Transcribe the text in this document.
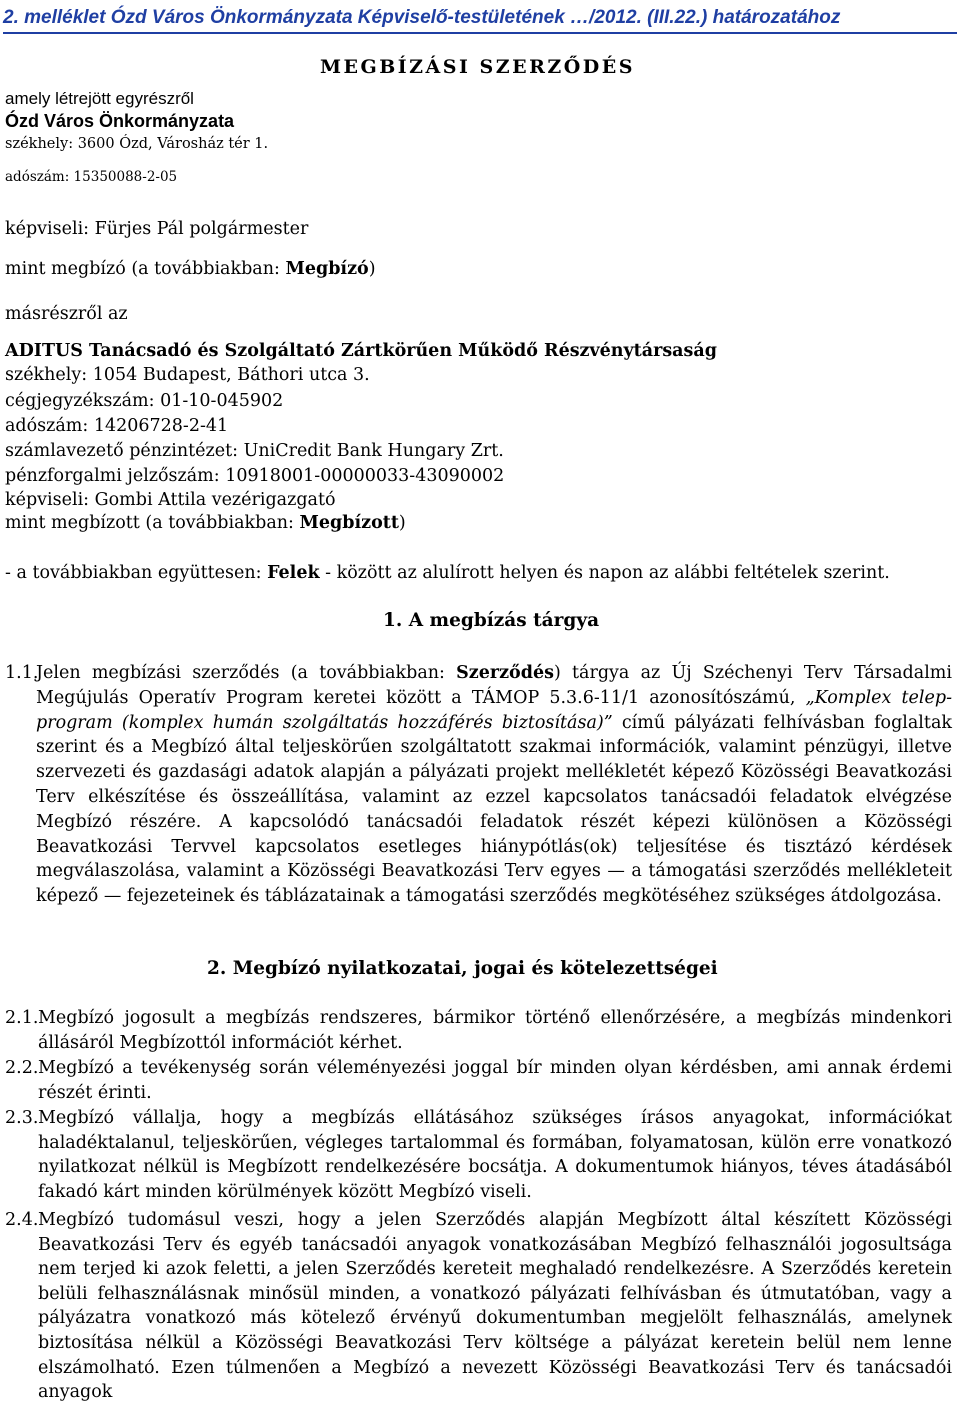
2. melléklet Ózd Város Önkormányzata Képviselő-testületének …/2012. (III.22.) határozatához
MEGBÍZÁSI SZERZŐDÉS
amely létrejött egyrészről
Ózd Város Önkormányzata
székhely: 3600 Ózd, Városház tér 1.
adószám: 15350088-2-05
képviseli: Fürjes Pál polgármester
mint megbízó (a továbbiakban: Megbízó)
másrészről az
ADITUS Tanácsadó és Szolgáltató Zártkörűen Működő Részvénytársaság
székhely: 1054 Budapest, Báthori utca 3.
cégjegyzékszám: 01-10-045902
adószám: 14206728-2-41
számlavezető pénzintézet: UniCredit Bank Hungary Zrt.
pénzforgalmi jelzőszám: 10918001-00000033-43090002
képviseli: Gombi Attila vezérigazgató
mint megbízott (a továbbiakban: Megbízott)
- a továbbiakban együttesen: Felek - között az alulírott helyen és napon az alábbi feltételek szerint.
1. A megbízás tárgya
1.1.
Jelen megbízási szerződés (a továbbiakban: Szerződés) tárgya az Új Széchenyi Terv Társadalmi Megújulás Operatív Program keretei között a TÁMOP 5.3.6-11/1 azonosítószámú, „Komplex telep- program (komplex humán szolgáltatás hozzáférés biztosítása)” című pályázati felhívásban foglaltak szerint és a Megbízó által teljeskörűen szolgáltatott szakmai információk, valamint pénzügyi, illetve szervezeti és gazdasági adatok alapján a pályázati projekt mellékletét képező Közösségi Beavatkozási Terv elkészítése és összeállítása, valamint az ezzel kapcsolatos tanácsadói feladatok elvégzése Megbízó részére. A kapcsolódó tanácsadói feladatok részét képezi különösen a Közösségi Beavatkozási Tervvel kapcsolatos esetleges hiánypótlás(ok) teljesítése és tisztázó kérdések megválaszolása, valamint a Közösségi Beavatkozási Terv egyes — a támogatási szerződés mellékleteit képező — fejezeteinek és táblázatainak a támogatási szerződés megkötéséhez szükséges átdolgozása.
2. Megbízó nyilatkozatai, jogai és kötelezettségei
2.1. Megbízó jogosult a megbízás rendszeres, bármikor történő ellenőrzésére, a megbízás mindenkori állásáról Megbízottól információt kérhet.
2.2. Megbízó a tevékenység során véleményezési joggal bír minden olyan kérdésben, ami annak érdemi részét érinti.
2.3. Megbízó vállalja, hogy a megbízás ellátásához szükséges írásos anyagokat, információkat haladéktalanul, teljeskörűen, végleges tartalommal és formában, folyamatosan, külön erre vonatkozó nyilatkozat nélkül is Megbízott rendelkezésére bocsátja. A dokumentumok hiányos, téves átadásából fakadó kárt minden körülmények között Megbízó viseli.
2.4. Megbízó tudomásul veszi, hogy a jelen Szerződés alapján Megbízott által készített Közösségi Beavatkozási Terv és egyéb tanácsadói anyagok vonatkozásában Megbízó felhasználói jogosultsága nem terjed ki azok feletti, a jelen Szerződés kereteit meghaladó rendelkezésre. A Szerződés keretein belüli felhasználásnak minősül minden, a vonatkozó pályázati felhívásban és útmutatóban, vagy a pályázatra vonatkozó más kötelező érvényű dokumentumban megjelölt felhasználás, amelynek biztosítása nélkül a Közösségi Beavatkozási Terv költsége a pályázat keretein belül nem lenne elszámolható. Ezen túlmenően a Megbízó a nevezett Közösségi Beavatkozási Terv és tanácsadói anyagok
